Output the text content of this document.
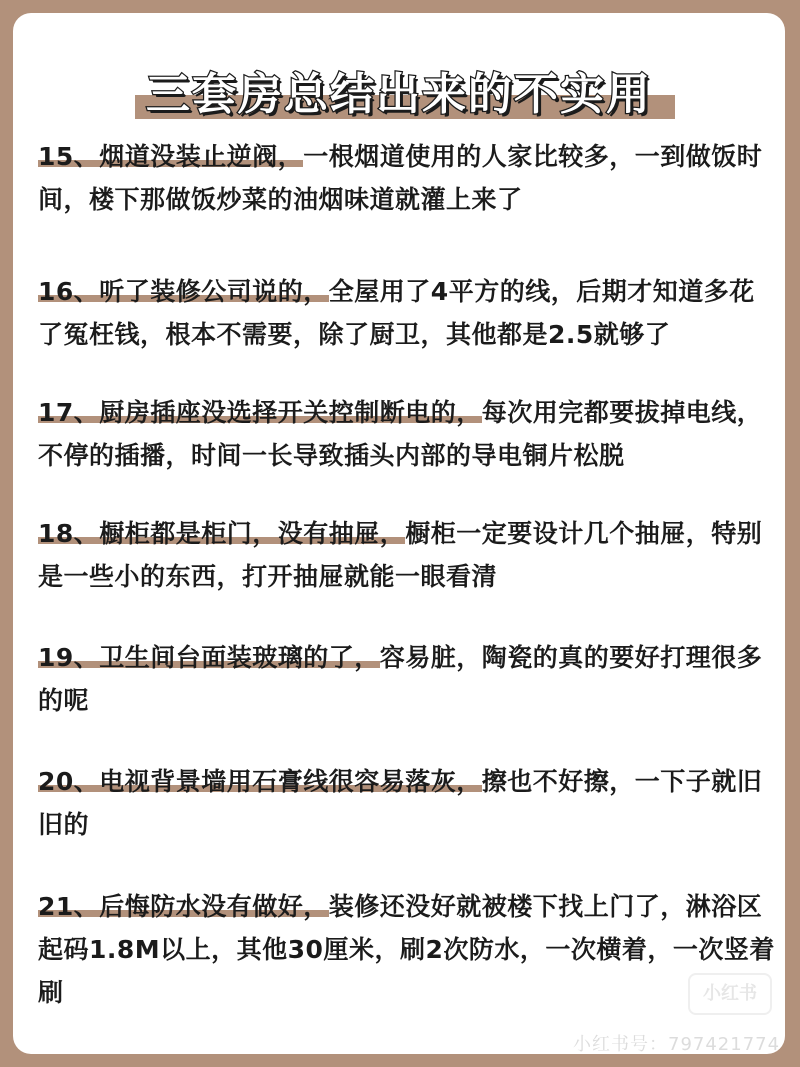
三套房总结出来的不实用
15、烟道没装止逆阀，一根烟道使用的人家比较多，一到做饭时间，楼下那做饭炒菜的油烟味道就灌上来了
16、听了装修公司说的，全屋用了4平方的线，后期才知道多花了冤枉钱，根本不需要，除了厨卫，其他都是2.5就够了
17、厨房插座没选择开关控制断电的，每次用完都要拔掉电线，不停的插播，时间一长导致插头内部的导电铜片松脱
18、橱柜都是柜门，没有抽屉，橱柜一定要设计几个抽屉，特别是一些小的东西，打开抽屉就能一眼看清
19、卫生间台面装玻璃的了，容易脏，陶瓷的真的要好打理很多的呢
20、电视背景墙用石膏线很容易落灰，擦也不好擦，一下子就旧旧的
21、后悔防水没有做好，装修还没好就被楼下找上门了，淋浴区起码1.8M以上，其他30厘米，刷2次防水，一次横着，一次竖着刷	小红书
小红书号：797421774
